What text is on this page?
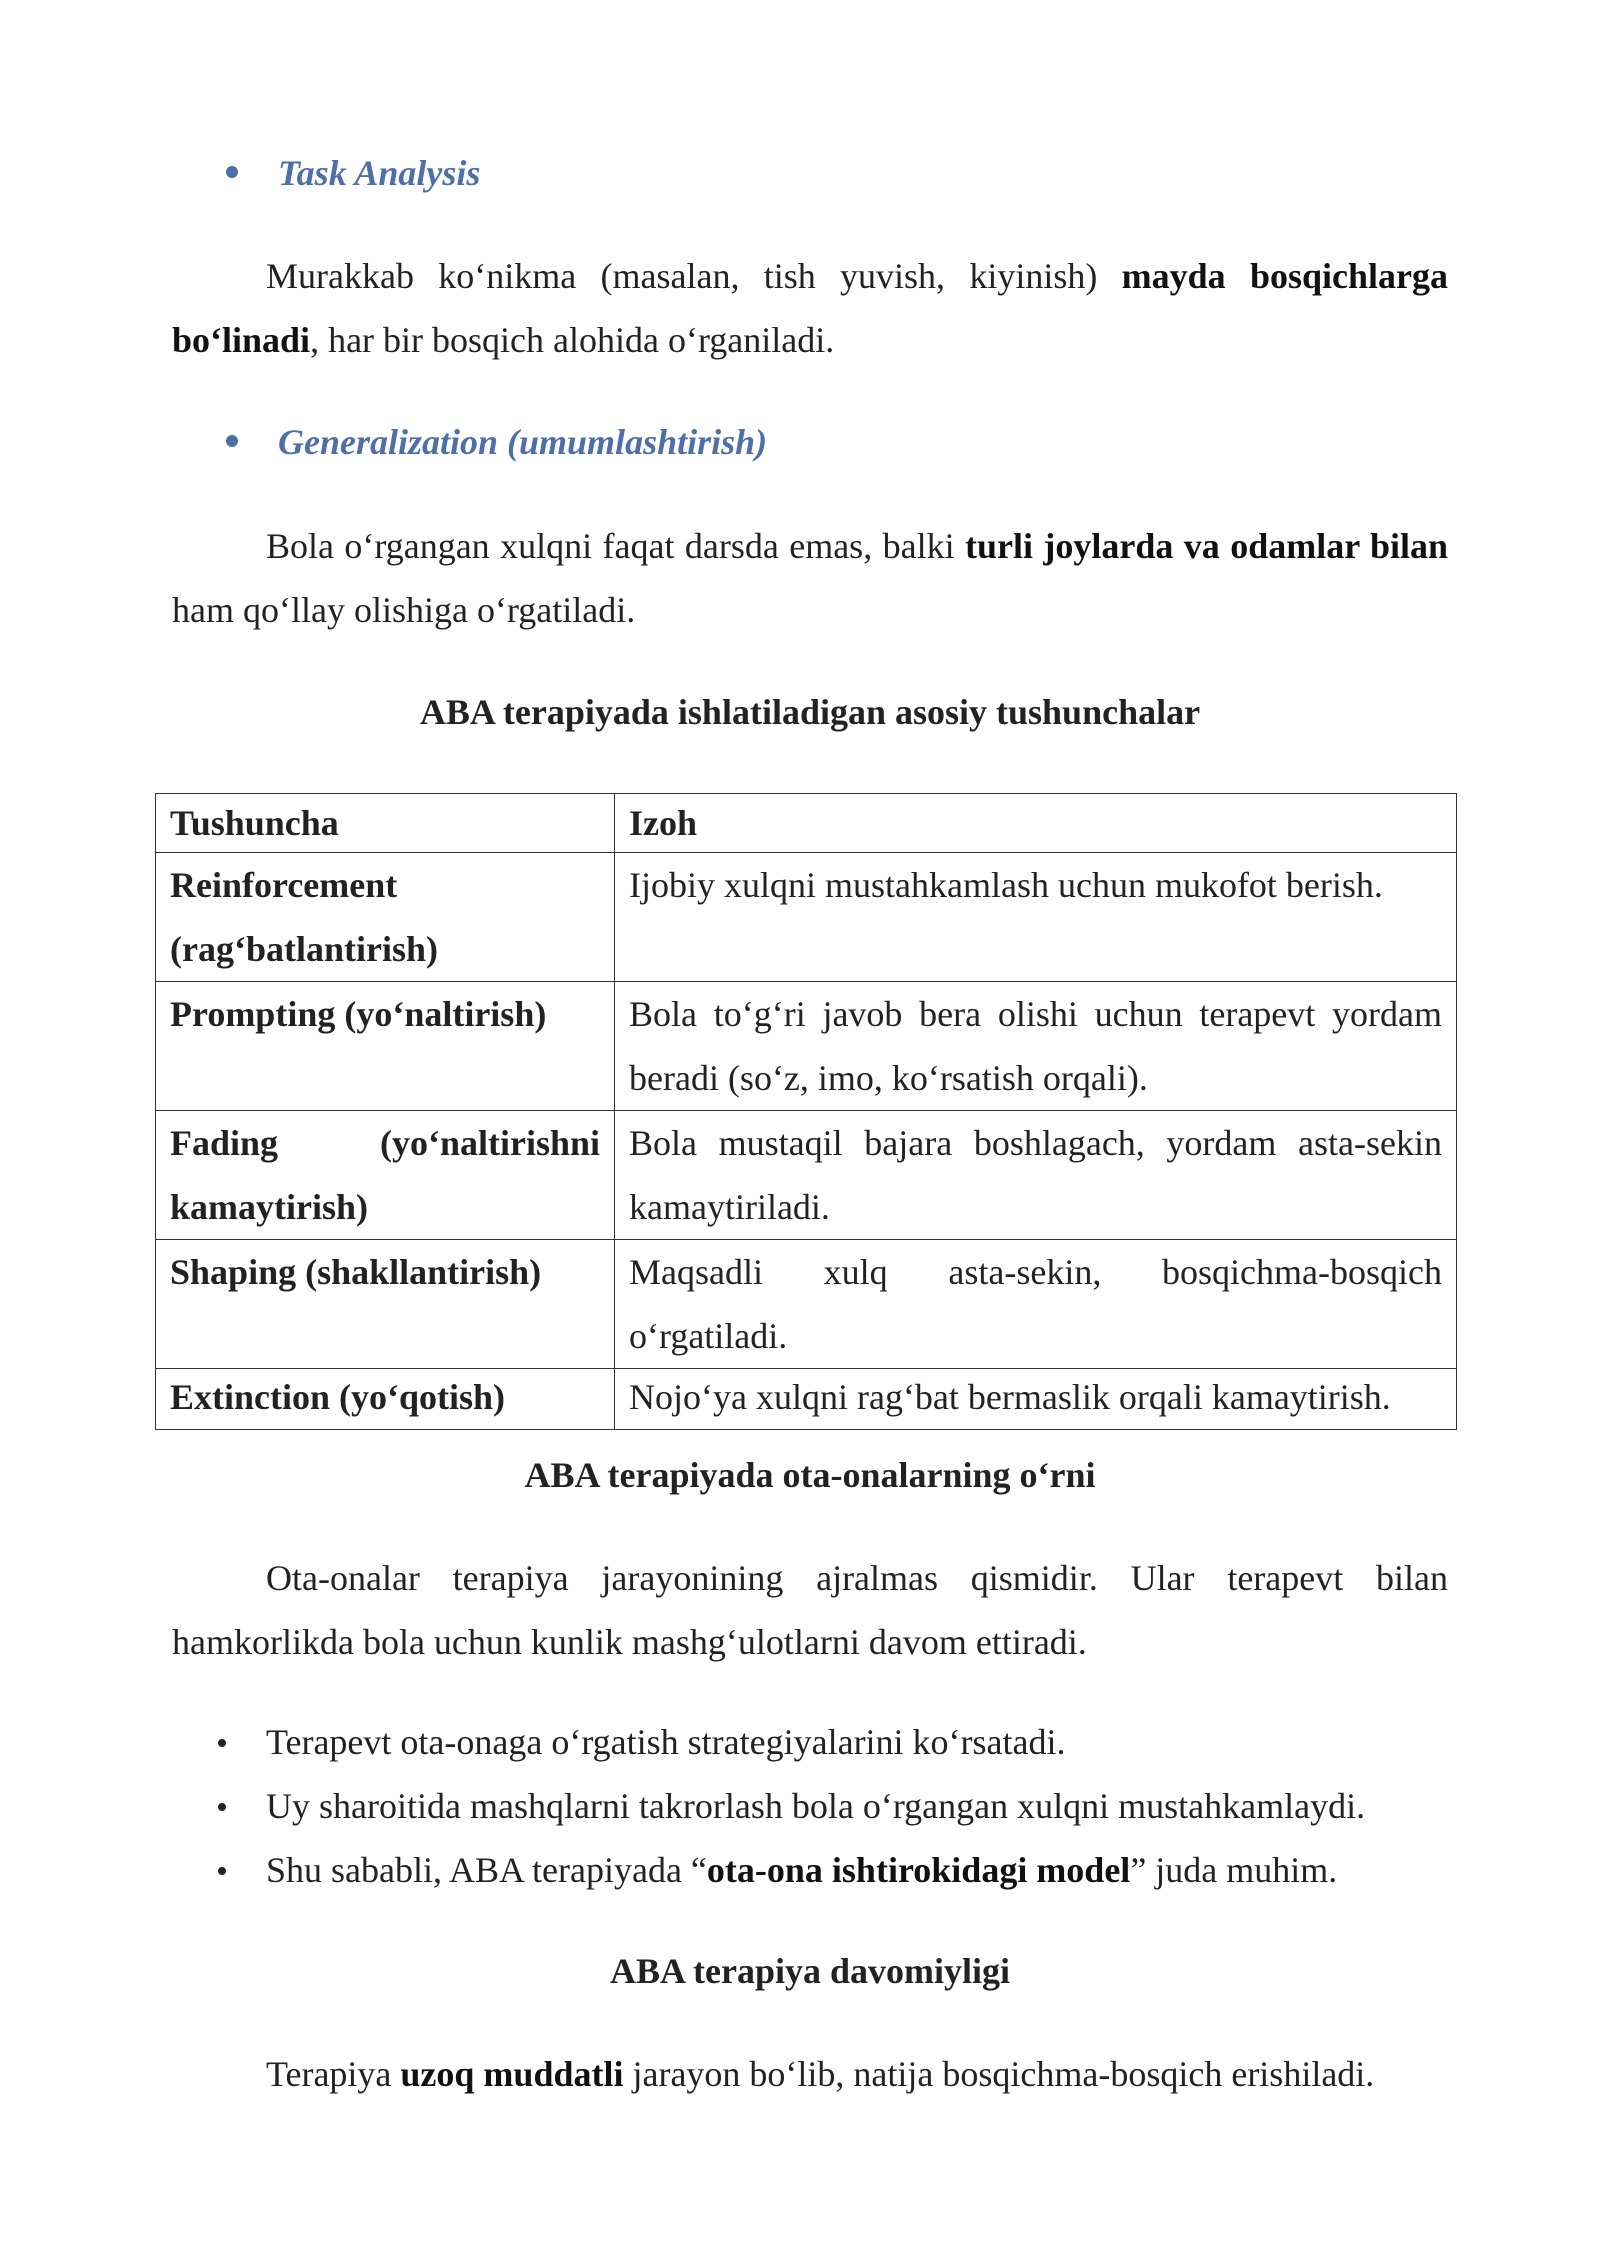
Task Analysis
Murakkab koʻnikma (masalan, tish yuvish, kiyinish) mayda bosqichlarga boʻlinadi, har bir bosqich alohida oʻrganiladi.
Generalization (umumlashtirish)
Bola oʻrgangan xulqni faqat darsda emas, balki turli joylarda va odamlar bilan ham qoʻllay olishiga oʻrgatiladi.
ABA terapiyada ishlatiladigan asosiy tushunchalar
Tushuncha	Izoh
Reinforcement (ragʻbatlantirish)	Ijobiy xulqni mustahkamlash uchun mukofot berish.
Prompting (yoʻnaltirish)	Bola toʻgʻri javob bera olishi uchun terapevt yordam beradi (soʻz, imo, koʻrsatish orqali).
Fading (yoʻnaltirishni kamaytirish)	Bola mustaqil bajara boshlagach, yordam asta-sekin kamaytiriladi.
Shaping (shakllantirish)	Maqsadli xulq asta-sekin, bosqichma-bosqich oʻrgatiladi.
Extinction (yoʻqotish)	Nojoʻya xulqni ragʻbat bermaslik orqali kamaytirish.
ABA terapiyada ota-onalarning oʻrni
Ota-onalar terapiya jarayonining ajralmas qismidir. Ular terapevt bilan hamkorlikda bola uchun kunlik mashgʻulotlarni davom ettiradi.
Terapevt ota-onaga oʻrgatish strategiyalarini koʻrsatadi.
Uy sharoitida mashqlarni takrorlash bola oʻrgangan xulqni mustahkamlaydi.
Shu sababli, ABA terapiyada “ota-ona ishtirokidagi model” juda muhim.
ABA terapiya davomiyligi
Terapiya uzoq muddatli jarayon boʻlib, natija bosqichma-bosqich erishiladi.
